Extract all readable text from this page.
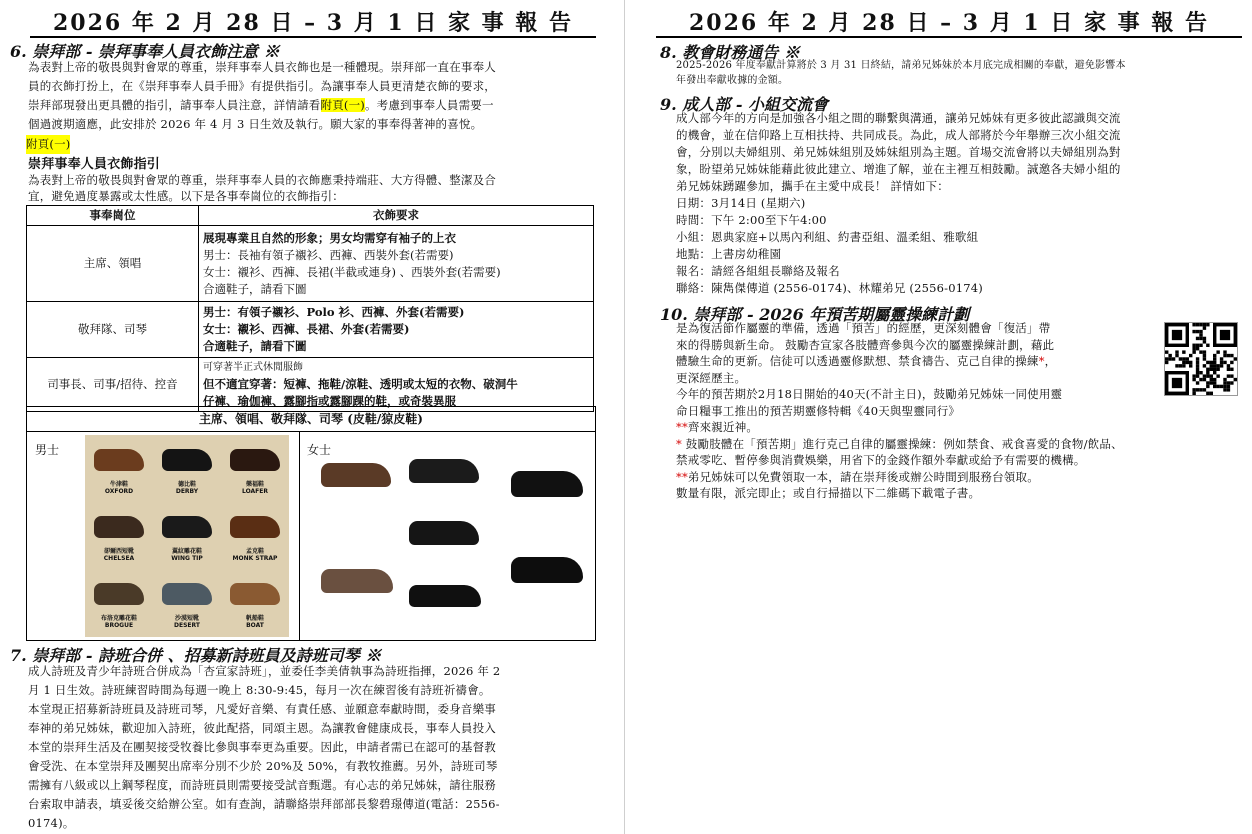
2026 年 2 月 28 日 – 3 月 1 日 家 事 報 告
6. 崇拜部 - 崇拜事奉人員衣飾注意 ※

為表對上帝的敬畏與對會眾的尊重，崇拜事奉人員衣飾也是一種體現。崇拜部一直在事奉人

員的衣飾打扮上，在《崇拜事奉人員手冊》有提供指引。為讓事奉人員更清楚衣飾的要求，

崇拜部現發出更具體的指引，請事奉人員注意，詳情請看附頁(一)。考慮到事奉人員需要一

個過渡期適應，此安排於 2026 年 4 月 3 日生效及執行。願大家的事奉得著神的喜悅。

附頁(一)
崇拜事奉人員衣飾指引

為表對上帝的敬畏與對會眾的尊重，崇拜事奉人員的衣飾應秉持端莊、大方得體、整潔及合

宜，避免過度暴露或太性感。以下是各事奉崗位的衣飾指引：

事奉崗位	衣飾要求
主席、領唱	展現專業且自然的形象；男女均需穿有袖子的上衣
男士：長袖有領子襯衫、西褲、西裝外套(若需要)
女士：襯衫、西褲、長裙(半截或連身) 、西裝外套(若需要)
合適鞋子，請看下圖

敬拜隊、司琴	男士：有領子襯衫、Polo 衫、西褲、外套(若需要)
女士：襯衫、西褲、長裙、外套(若需要)
合適鞋子，請看下圖

司事長、司事/招待、控音	可穿著半正式休閒服飾
但不適宜穿著：短褲、拖鞋/涼鞋、透明或太短的衣物、破洞牛
仔褲、瑜伽褲、露腳指或露腳踝的鞋，或奇裝異服
主席、領唱、敬拜隊、司琴 (皮鞋/猄皮鞋)
男士	女士
牛津鞋
OXFORD
德比鞋
DERBY
樂福鞋
LOAFER
卻爾西短靴
CHELSEA
翼紋雕花鞋
WING TIP
孟克鞋
MONK STRAP
布洛克雕花鞋
BROGUE
沙漠短靴
DESERT
帆船鞋
BOAT
7. 崇拜部 - 詩班合併 、招募新詩班員及詩班司琴 ※

成人詩班及青少年詩班合併成為「杏宣家詩班」，並委任李美倩執事為詩班指揮，2026 年 2

月 1 日生效。詩班練習時間為每週一晚上 8:30-9:45，每月一次在練習後有詩班祈禱會。

本堂現正招募新詩班員及詩班司琴，凡愛好音樂、有責任感、並願意奉獻時間，委身音樂事

奉神的弟兄姊妹，歡迎加入詩班，彼此配搭，同頌主恩。為讓教會健康成長，事奉人員投入

本堂的崇拜生活及在團契接受牧養比參與事奉更為重要。因此，申請者需已在認可的基督教

會受洗、在本堂崇拜及團契出席率分別不少於 20%及 50%，有教牧推薦。另外，詩班司琴

需擁有八級或以上鋼琴程度，而詩班員則需要接受試音甄選。有心志的弟兄姊妹，請往服務

台索取申請表，填妥後交給辦公室。如有查詢，請聯絡崇拜部部長黎碧璟傳道(電話：2556-

0174)。

2026 年 2 月 28 日 – 3 月 1 日 家 事 報 告
8. 教會財務通告 ※

2025-2026 年度奉獻計算將於 3 月 31 日終結，請弟兄姊妹於本月底完成相關的奉獻，避免影響本

年發出奉獻收據的金額。

9. 成人部 - 小組交流會

成人部今年的方向是加強各小組之間的聯繫與溝通，讓弟兄姊妹有更多彼此認識與交流

的機會，並在信仰路上互相扶持、共同成長。為此，成人部將於今年舉辦三次小組交流

會，分別以夫婦組別、弟兄姊妹組別及姊妹組別為主題。首場交流會將以夫婦組別為對

象，盼望弟兄姊妹能藉此彼此建立、增進了解，並在主裡互相鼓勵。誠邀各夫婦小組的

弟兄姊妹踴躍參加，攜手在主愛中成長！ 詳情如下：

日期：3月14日 (星期六)

時間：下午 2:00至下午4:00

小組：恩典家庭+以馬內利組、約書亞組、溫柔組、雅歌組

地點：上書房幼稚園

報名：請經各組組長聯絡及報名

聯絡：陳雋傑傳道 (2556-0174)、林耀弟兄 (2556-0174)

10. 崇拜部 - 2026 年預苦期屬靈操練計劃

是為復活節作屬靈的準備，透過「預苦」的經歷，更深刻體會「復活」帶

來的得勝與新生命。 鼓勵杏宣家各肢體齊參與今次的屬靈操練計劃，藉此

體驗生命的更新。信徒可以透過靈修默想、禁食禱告、克己自律的操練*，

更深經歷主。

今年的預苦期於2月18日開始的40天(不計主日)，鼓勵弟兄姊妹一同使用靈

命日糧事工推出的預苦期靈修特輯《40天與聖靈同行》

**齊來親近神。

* 鼓勵肢體在「預苦期」進行克己自律的屬靈操練：例如禁食、戒食喜愛的食物/飲品、

禁戒零吃、暫停參與消費娛樂，用省下的金錢作額外奉獻或給予有需要的機構。

**弟兄姊妹可以免費領取一本，請在崇拜後或辦公時間到服務台領取。

數量有限，派完即止；或自行掃描以下二維碼下載電子書。
